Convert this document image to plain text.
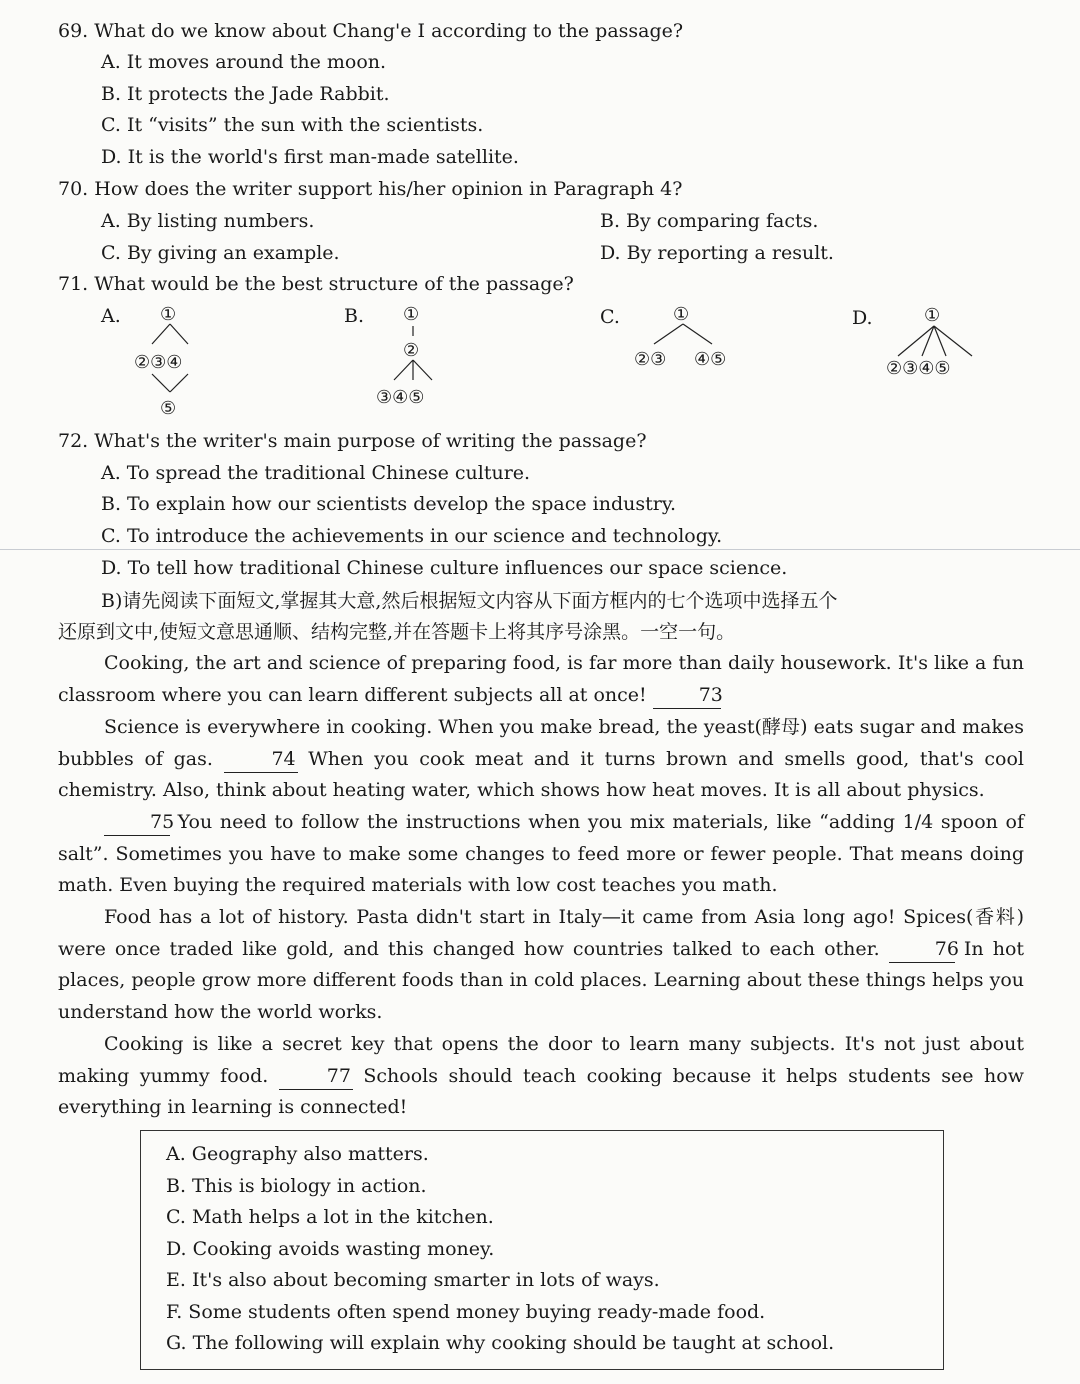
69. What do we know about Chang'e Ⅰ according to the passage?
A. It moves around the moon.
B. It protects the Jade Rabbit.
C. It “visits” the sun with the scientists.
D. It is the world's first man-made satellite.
70. How does the writer support his/her opinion in Paragraph 4?
A. By listing numbers.	B. By comparing facts.
C. By giving an example.	D. By reporting a result.
71. What would be the best structure of the passage?
A. ①
②③④
⑤
B. ①
②
③④⑤
C.	①
②③ ④⑤
D.	①
②③④⑤
72. What's the writer's main purpose of writing the passage?
A. To spread the traditional Chinese culture.
B. To explain how our scientists develop the space industry.
C. To introduce the achievements in our science and technology.
D. To tell how traditional Chinese culture influences our space science.
B)请先阅读下面短文,掌握其大意,然后根据短文内容从下面方框内的七个选项中选择五个
还原到文中,使短文意思通顺、结构完整,并在答题卡上将其序号涂黑。一空一句。
Cooking, the art and science of preparing food, is far more than daily housework. It's like a fun classroom where you can learn different subjects all at once!	73
Science is everywhere in cooking. When you make bread, the yeast(酵母) eats sugar and makes bubbles of gas.	74 When you cook meat and it turns brown and smells good, that's cool chemistry. Also, think about heating water, which shows how heat moves. It is all about physics.
75 You need to follow the instructions when you mix materials, like “adding 1/4 spoon of salt”. Sometimes you have to make some changes to feed more or fewer people. That means doing math. Even buying the required materials with low cost teaches you math.
Food has a lot of history. Pasta didn't start in Italy—it came from Asia long ago! Spices(香料) were once traded like gold, and this changed how countries talked to each other.	76 In hot places, people grow more different foods than in cold places. Learning about these things helps you understand how the world works.
Cooking is like a secret key that opens the door to learn many subjects. It's not just about making yummy food.	77 Schools should teach cooking because it helps students see how everything in learning is connected!
A. Geography also matters.
B. This is biology in action.
C. Math helps a lot in the kitchen.
D. Cooking avoids wasting money.
E. It's also about becoming smarter in lots of ways.
F. Some students often spend money buying ready-made food.
G. The following will explain why cooking should be taught at school.
